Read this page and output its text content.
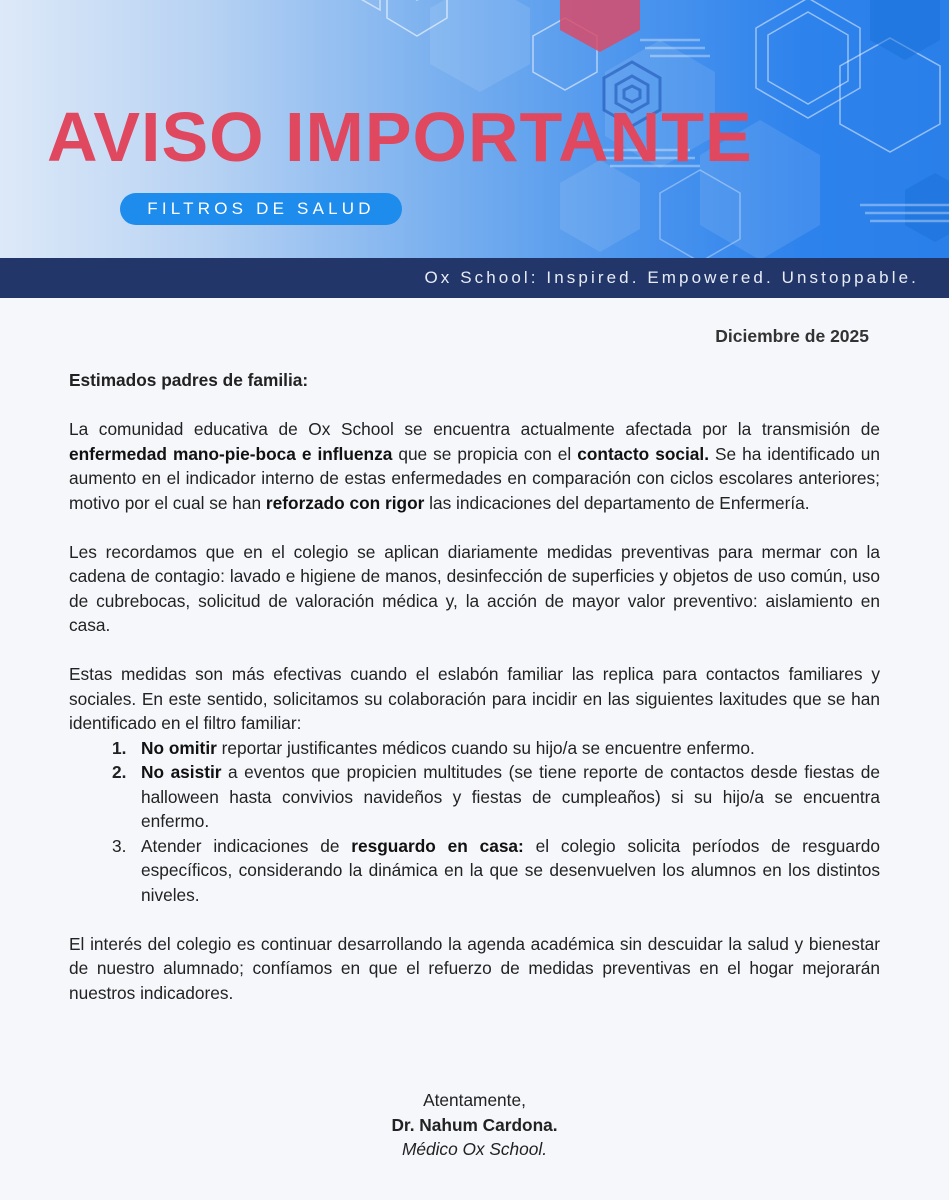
AVISO IMPORTANTE
FILTROS DE SALUD
Ox School: Inspired. Empowered. Unstoppable.
Diciembre de 2025

Estimados padres de familia:

La comunidad educativa de Ox School se encuentra actualmente afectada por la transmisión de enfermedad mano-pie-boca e influenza que se propicia con el contacto social. Se ha identificado un aumento en el indicador interno de estas enfermedades en comparación con ciclos escolares anteriores; motivo por el cual se han reforzado con rigor las indicaciones del departamento de Enfermería.

Les recordamos que en el colegio se aplican diariamente medidas preventivas para mermar con la cadena de contagio: lavado e higiene de manos, desinfección de superficies y objetos de uso común, uso de cubrebocas, solicitud de valoración médica y, la acción de mayor valor preventivo: aislamiento en casa.

Estas medidas son más efectivas cuando el eslabón familiar las replica para contactos familiares y sociales. En este sentido, solicitamos su colaboración para incidir en las siguientes laxitudes que se han identificado en el filtro familiar:

1. No omitir reportar justificantes médicos cuando su hijo/a se encuentre enfermo.
2. No asistir a eventos que propicien multitudes (se tiene reporte de contactos desde fiestas de halloween hasta convivios navideños y fiestas de cumpleaños) si su hijo/a se encuentra enfermo.
3. Atender indicaciones de resguardo en casa: el colegio solicita períodos de resguardo específicos, considerando la dinámica en la que se desenvuelven los alumnos en los distintos niveles.

El interés del colegio es continuar desarrollando la agenda académica sin descuidar la salud y bienestar de nuestro alumnado; confíamos en que el refuerzo de medidas preventivas en el hogar mejorarán nuestros indicadores.

Atentamente,
Dr. Nahum Cardona.
Médico Ox School.
